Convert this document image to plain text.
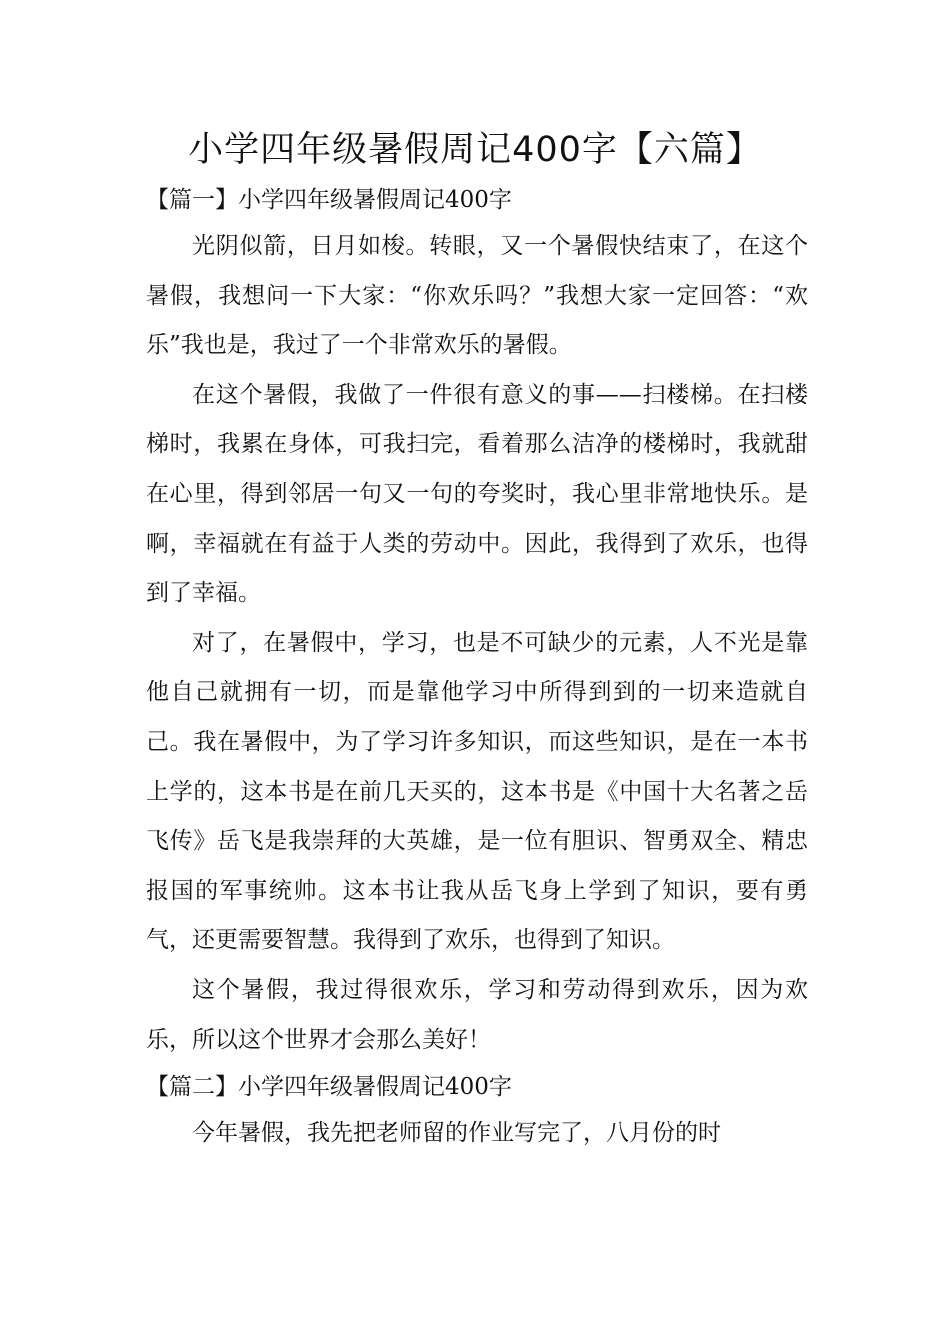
小学四年级暑假周记400字【六篇】
【篇一】小学四年级暑假周记400字

光阴似箭，日月如梭。转眼，又一个暑假快结束了，在这个暑假，我想问一下大家：“你欢乐吗？”我想大家一定回答：“欢乐”我也是，我过了一个非常欢乐的暑假。

在这个暑假，我做了一件很有意义的事——扫楼梯。在扫楼梯时，我累在身体，可我扫完，看着那么洁净的楼梯时，我就甜在心里，得到邻居一句又一句的夸奖时，我心里非常地快乐。是啊，幸福就在有益于人类的劳动中。因此，我得到了欢乐，也得到了幸福。

对了，在暑假中，学习，也是不可缺少的元素，人不光是靠他自己就拥有一切，而是靠他学习中所得到到的一切来造就自己。我在暑假中，为了学习许多知识，而这些知识，是在一本书上学的，这本书是在前几天买的，这本书是《中国十大名著之岳飞传》岳飞是我崇拜的大英雄，是一位有胆识、智勇双全、精忠报国的军事统帅。这本书让我从岳飞身上学到了知识，要有勇气，还更需要智慧。我得到了欢乐，也得到了知识。

这个暑假，我过得很欢乐，学习和劳动得到欢乐，因为欢乐，所以这个世界才会那么美好！

【篇二】小学四年级暑假周记400字

今年暑假，我先把老师留的作业写完了，八月份的时
